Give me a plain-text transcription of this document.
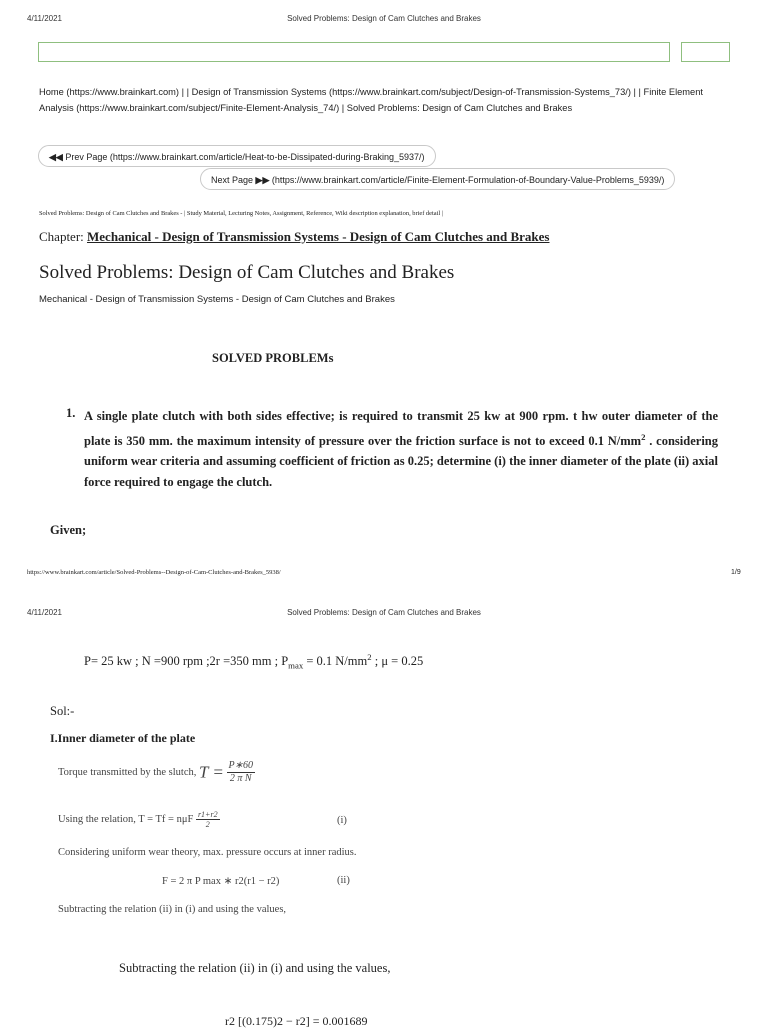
4/11/2021	Solved Problems: Design of Cam Clutches and Brakes
Home (https://www.brainkart.com) | | Design of Transmission Systems (https://www.brainkart.com/subject/Design-of-Transmission-Systems_73/) | | Finite Element Analysis (https://www.brainkart.com/subject/Finite-Element-Analysis_74/) | Solved Problems: Design of Cam Clutches and Brakes
◀◀ Prev Page (https://www.brainkart.com/article/Heat-to-be-Dissipated-during-Braking_5937/)
Next Page ▶▶ (https://www.brainkart.com/article/Finite-Element-Formulation-of-Boundary-Value-Problems_5939/)
Solved Problems: Design of Cam Clutches and Brakes - | Study Material, Lecturing Notes, Assignment, Reference, Wiki description explanation, brief detail |
Chapter: Mechanical - Design of Transmission Systems - Design of Cam Clutches and Brakes
Solved Problems: Design of Cam Clutches and Brakes
Mechanical - Design of Transmission Systems - Design of Cam Clutches and Brakes
SOLVED PROBLEMs
1. A single plate clutch with both sides effective; is required to transmit 25 kw at 900 rpm. t hw outer diameter of the plate is 350 mm. the maximum intensity of pressure over the friction surface is not to exceed 0.1 $N/mm^2$ . considering uniform wear criteria and assuming coefficient of friction as 0.25; determine (i) the inner diameter of the plate (ii) axial force required to engage the clutch.
Given;
https://www.brainkart.com/article/Solved-Problems--Design-of-Cam-Clutches-and-Brakes_5938/	1/9
4/11/2021	Solved Problems: Design of Cam Clutches and Brakes
P= 25 kw ; N =900 rpm ;2r =350 mm ; $P_{max} = 0.1$ $N/mm^2$ ; μ = 0.25
Sol:-
I.Inner diameter of the plate
Torque transmitted by the slutch, $T = \frac{P∗60}{\text{2 π N}}$
Using the relation, T = Tf = nμF $\frac{r1+r2}{2}$	(i)
Considering uniform wear theory, max. pressure occurs at inner radius.
F = 2 π P max ∗ r2(r1 − r2)	(ii)
Subtracting the relation (ii) in (i) and using the values,
Subtracting the relation (ii) in (i) and using the values,
r2 [(0.175)2 − r2] = 0.001689
